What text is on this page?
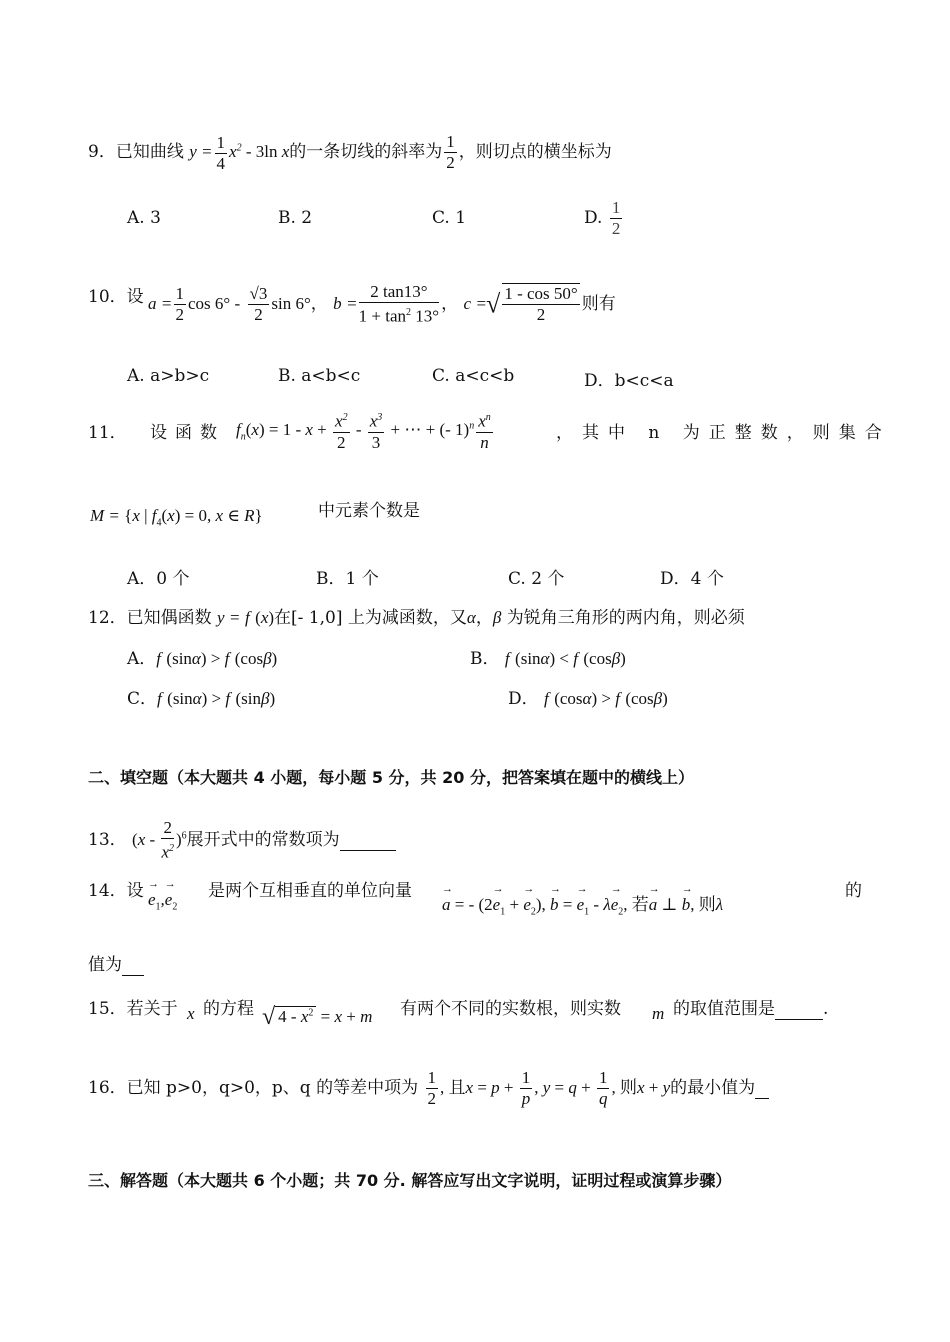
9．已知曲线 $y = \frac{1}{4} x^2 - 3\ln$ x的一条切线的斜率为 $\frac{1}{2}$ ，则切点的横坐标为
A. 3	B. 2	C. 1	D. $\frac{1}{2}$
10．设 $a = \frac{1}{2}$ $\cos 6^\circ - \frac{√3}{2}$ sin 6°， $b = \frac{2 \tan 13^\circ}{1 + \tan^2 13^\circ}$ ， c =√ $\frac{1 - \cos 50^\circ}{2}$ 则有
A. a>b>c	B. a<b<c	C. a<c<b	D．b<c<a
11． 设函数 $f_n(x) = 1 - x + \frac{x^2}{2} - \frac{x^3}{3}$ + ⋯ + (- $1)^n \frac{x^n}{n}$	，其中 n 为正整数，则集合
M = {x | $f_4(x) = 0$, x ∈ R}	中元素个数是
A．0 个	B．1 个	C. 2 个	D．4 个
12．已知偶函数 y = f (x)在[- 1,0] 上为减函数，又α，β 为锐角三角形的两内角，则必须
A．f (sinα) > f (cosβ)	B． f (sinα) < f (cosβ)
C．f (sinα) > f (sinβ)	D． f (cosα) > f (cosβ)
二、填空题（本大题共 4 小题，每小题 5 分，共 20 分，把答案填在题中的横线上）
13． $(x - \frac{2}{x^2} )^6$展开式中的常数项为
14．设
→ $e_1,\to e_2$
是两个互相垂直的单位向量
→ a = - ($2\to e_1$ + → $e_2$), → b = → $e_1 - \lambda\to e_2$, 若→ a ⊥ → b, 则λ
的
值为
15．若关于 x 的方程 √ $4 - x^2 = x + m$ 有两个不同的实数根，则实数 m 的取值范围是	.
16．已知 p>0，q>0，p、q 的等差中项为 $\frac{1}{2}$ , 且$x = p + \frac{1}{p}$ , $y = q + \frac{1}{q}$ , 则x + y的最小值为
三、解答题（本大题共 6 个小题；共 70 分. 解答应写出文字说明，证明过程或演算步骤）
